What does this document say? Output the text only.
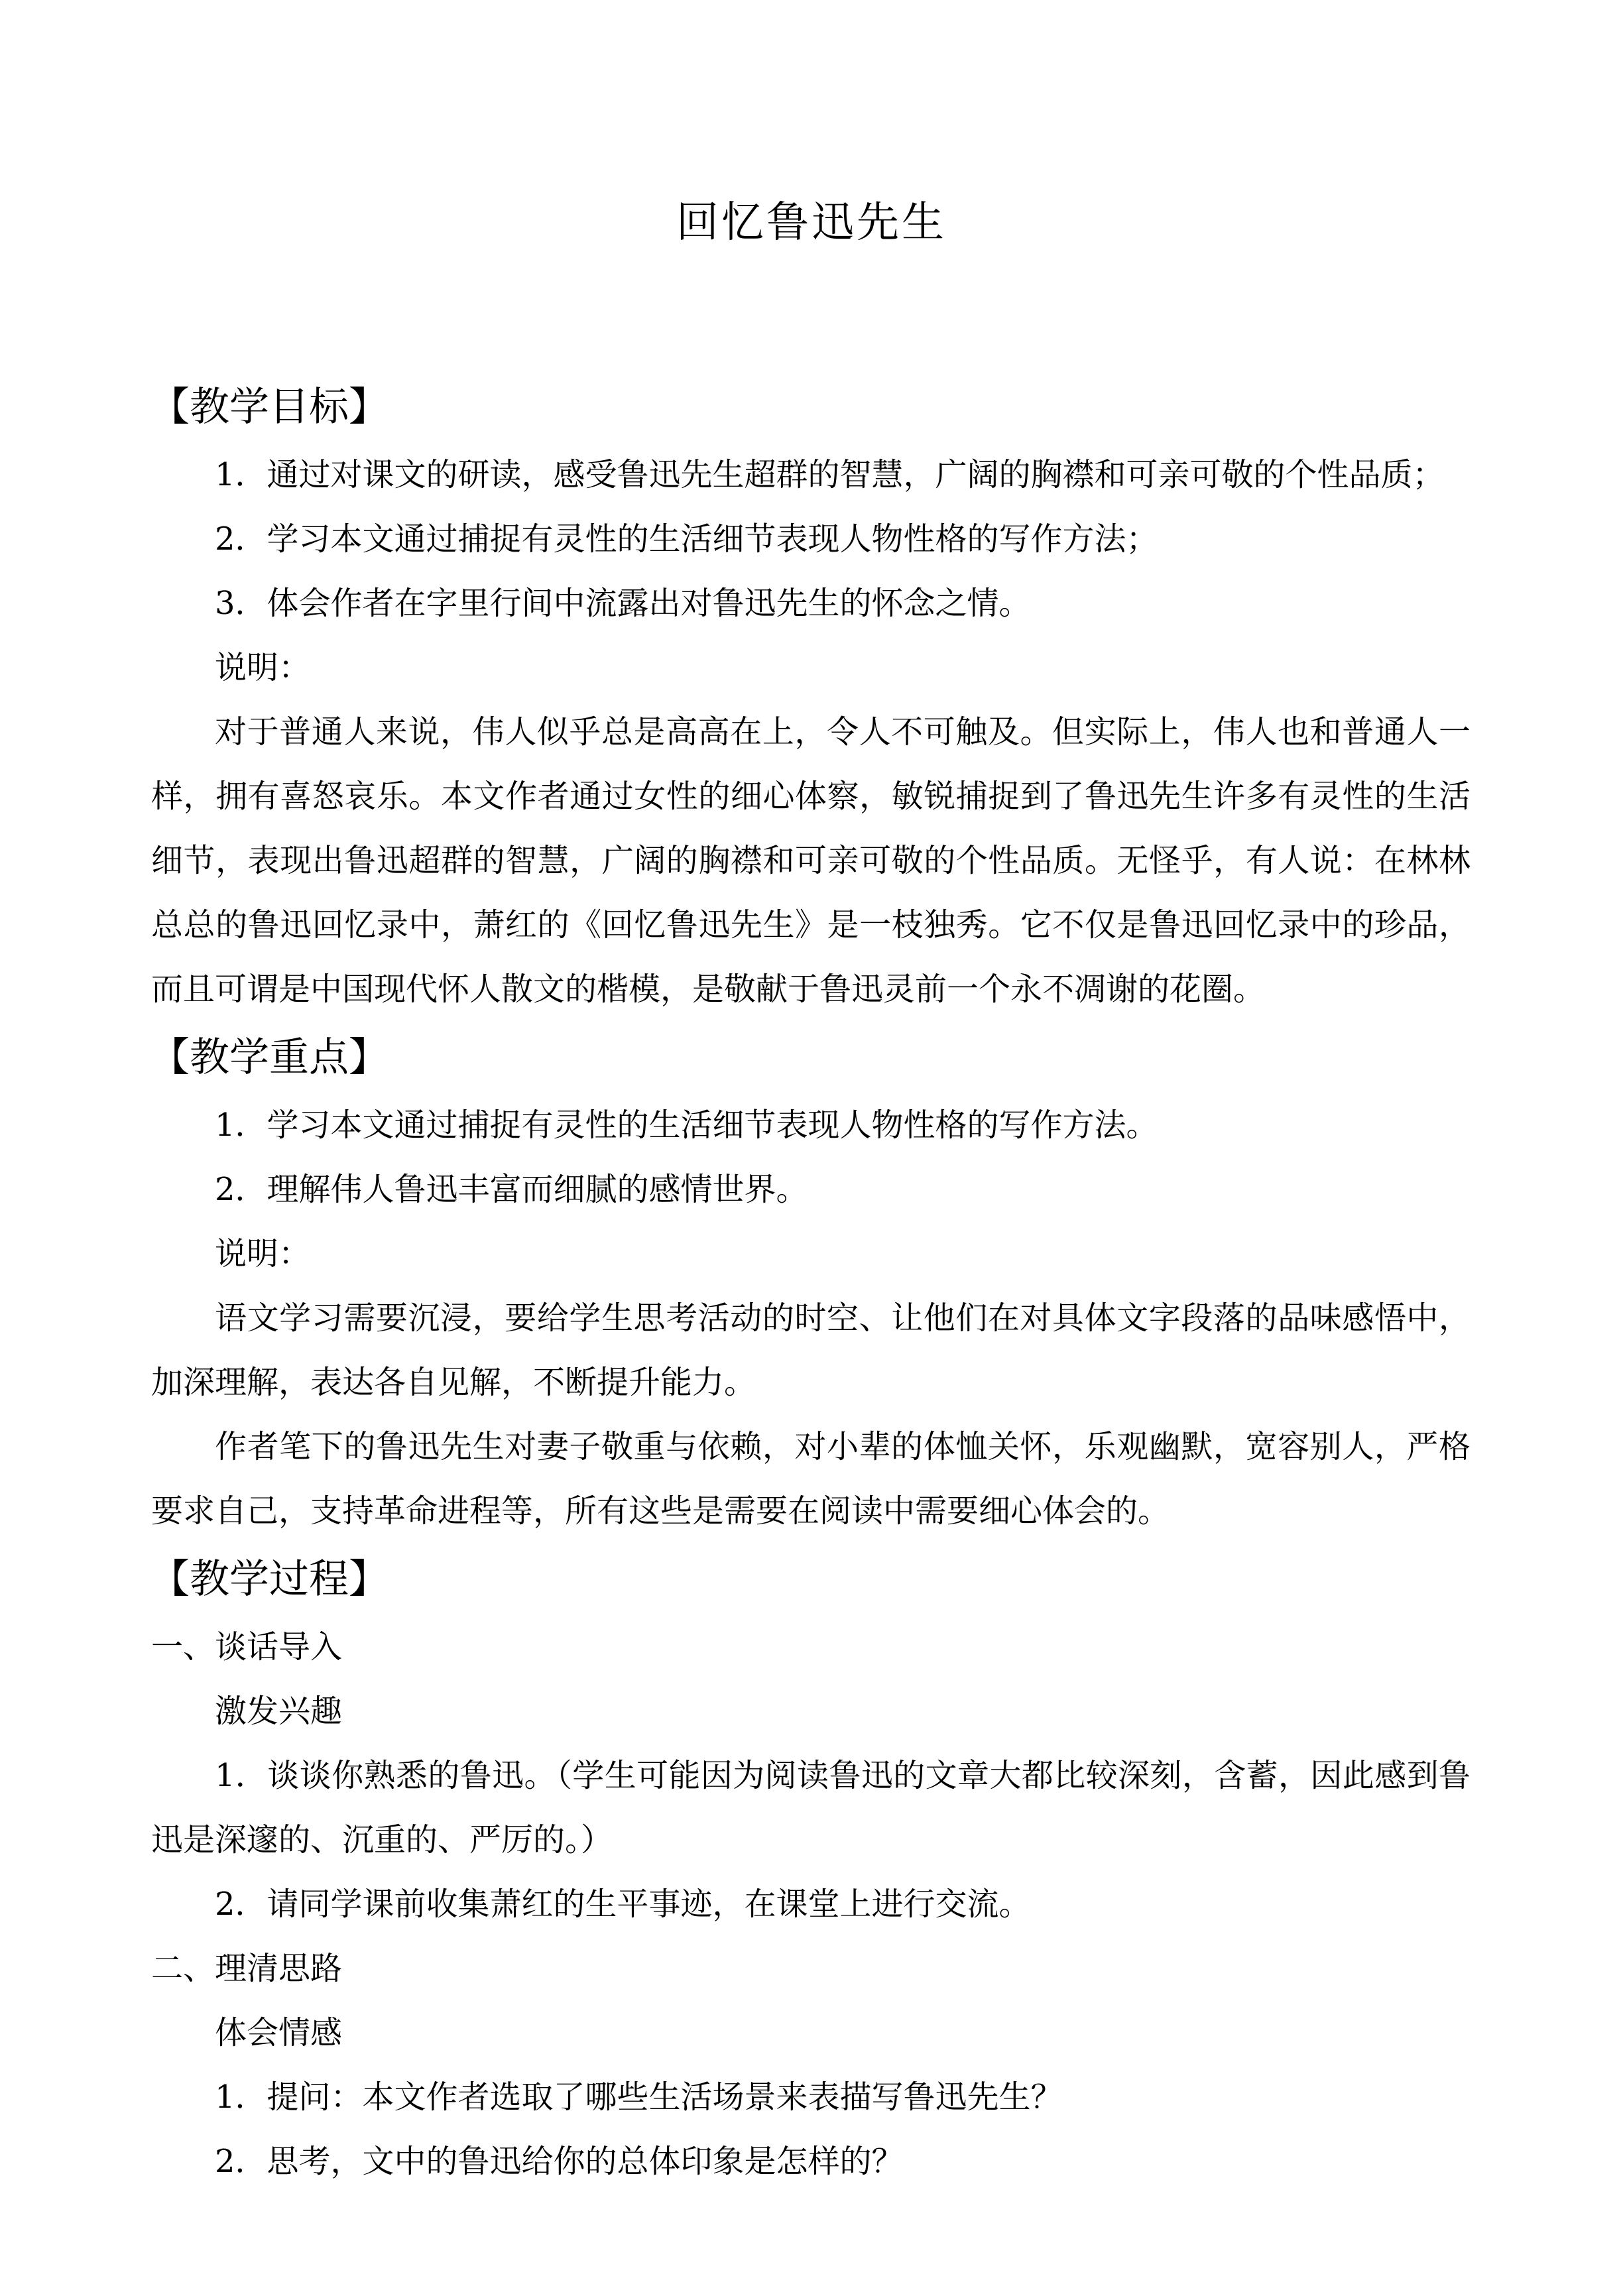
回忆鲁迅先生
【教学目标】

1．通过对课文的研读，感受鲁迅先生超群的智慧，广阔的胸襟和可亲可敬的个性品质；

2．学习本文通过捕捉有灵性的生活细节表现人物性格的写作方法；

3．体会作者在字里行间中流露出对鲁迅先生的怀念之情。

说明：

对于普通人来说，伟人似乎总是高高在上，令人不可触及。但实际上，伟人也和普通人一样，拥有喜怒哀乐。本文作者通过女性的细心体察，敏锐捕捉到了鲁迅先生许多有灵性的生活细节，表现出鲁迅超群的智慧，广阔的胸襟和可亲可敬的个性品质。无怪乎，有人说：在林林总总的鲁迅回忆录中，萧红的《回忆鲁迅先生》是一枝独秀。它不仅是鲁迅回忆录中的珍品，而且可谓是中国现代怀人散文的楷模，是敬献于鲁迅灵前一个永不凋谢的花圈。

【教学重点】

1．学习本文通过捕捉有灵性的生活细节表现人物性格的写作方法。

2．理解伟人鲁迅丰富而细腻的感情世界。

说明：

语文学习需要沉浸，要给学生思考活动的时空、让他们在对具体文字段落的品味感悟中，加深理解，表达各自见解，不断提升能力。

作者笔下的鲁迅先生对妻子敬重与依赖，对小辈的体恤关怀，乐观幽默，宽容别人，严格要求自己，支持革命进程等，所有这些是需要在阅读中需要细心体会的。

【教学过程】

一、谈话导入

激发兴趣

1．谈谈你熟悉的鲁迅。（学生可能因为阅读鲁迅的文章大都比较深刻，含蓄，因此感到鲁迅是深邃的、沉重的、严厉的。）

2．请同学课前收集萧红的生平事迹，在课堂上进行交流。

二、理清思路

体会情感

1．提问：本文作者选取了哪些生活场景来表描写鲁迅先生？

2．思考，文中的鲁迅给你的总体印象是怎样的？
